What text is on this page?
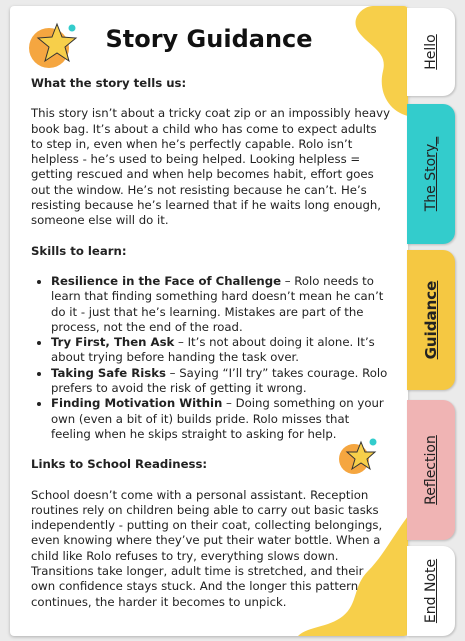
Story Guidance
What the story tells us:

This story isn’t about a tricky coat zip or an impossibly heavy book bag. It’s about a child who has come to expect adults to step in, even when he’s perfectly capable. Rolo isn’t helpless - he’s used to being helped. Looking helpless = getting rescued and when help becomes habit, effort goes out the window. He’s not resisting because he can’t. He’s resisting because he’s learned that if he waits long enough, someone else will do it.

Skills to learn:
• Resilience in the Face of Challenge – Rolo needs to learn that finding something hard doesn’t mean he can’t do it - just that he’s learning. Mistakes are part of the process, not the end of the road.
• Try First, Then Ask – It’s not about doing it alone. It’s about trying before handing the task over.
• Taking Safe Risks – Saying “I’ll try” takes courage. Rolo prefers to avoid the risk of getting it wrong.
• Finding Motivation Within – Doing something on your own (even a bit of it) builds pride. Rolo misses that feeling when he skips straight to asking for help.
Links to School Readiness:

School doesn’t come with a personal assistant. Reception routines rely on children being able to carry out basic tasks independently - putting on their coat, collecting belongings, even knowing where they’ve put their water bottle. When a child like Rolo refuses to try, everything slows down. Transitions take longer, adult time is stretched, and their own confidence stays stuck. And the longer this pattern continues, the harder it becomes to unpick.

Hello
The Story_
Guidance
Reflection
End Note
